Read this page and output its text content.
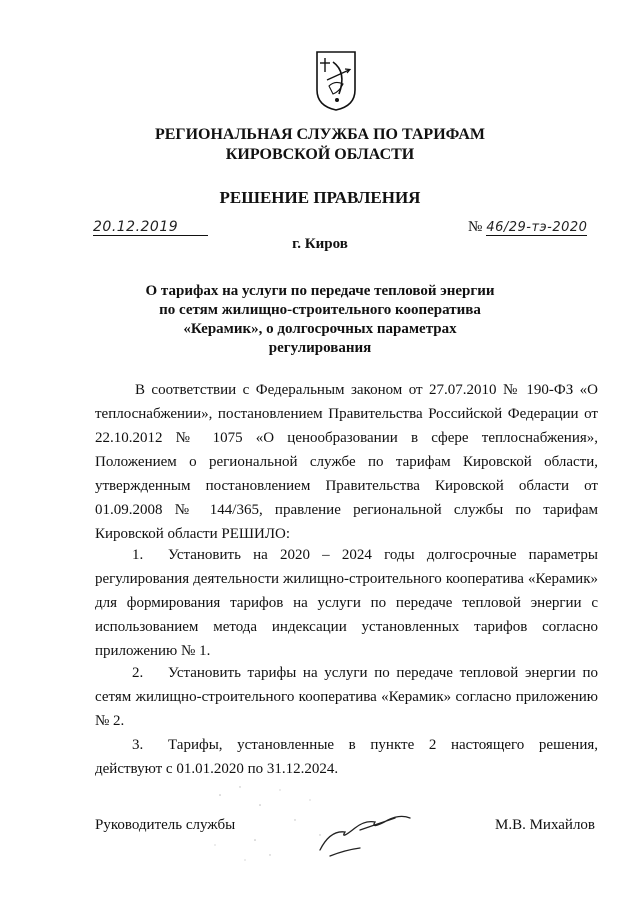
РЕГИОНАЛЬНАЯ СЛУЖБА ПО ТАРИФАМ
КИРОВСКОЙ ОБЛАСТИ
РЕШЕНИЕ ПРАВЛЕНИЯ
20.12.2019	№ 46/29-тэ-2020
г. Киров
О тарифах на услуги по передаче тепловой энергии по сетям жилищно-строительного кооператива «Керамик», о долгосрочных параметрах регулирования
В соответствии с Федеральным законом от 27.07.2010 № 190-ФЗ «О теплоснабжении», постановлением Правительства Российской Федерации от 22.10.2012 № 1075 «О ценообразовании в сфере теплоснабжения», Положением о региональной службе по тарифам Кировской области, утвержденным постановлением Правительства Кировской области от 01.09.2008 № 144/365, правление региональной службы по тарифам Кировской области РЕШИЛО:
1. Установить на 2020 – 2024 годы долгосрочные параметры регулирования деятельности жилищно-строительного кооператива «Керамик» для формирования тарифов на услуги по передаче тепловой энергии с использованием метода индексации установленных тарифов согласно приложению № 1.
2. Установить тарифы на услуги по передаче тепловой энергии по сетям жилищно-строительного кооператива «Керамик» согласно приложению № 2.
3. Тарифы, установленные в пункте 2 настоящего решения, действуют с 01.01.2020 по 31.12.2024.
Руководитель службы	М.В. Михайлов
